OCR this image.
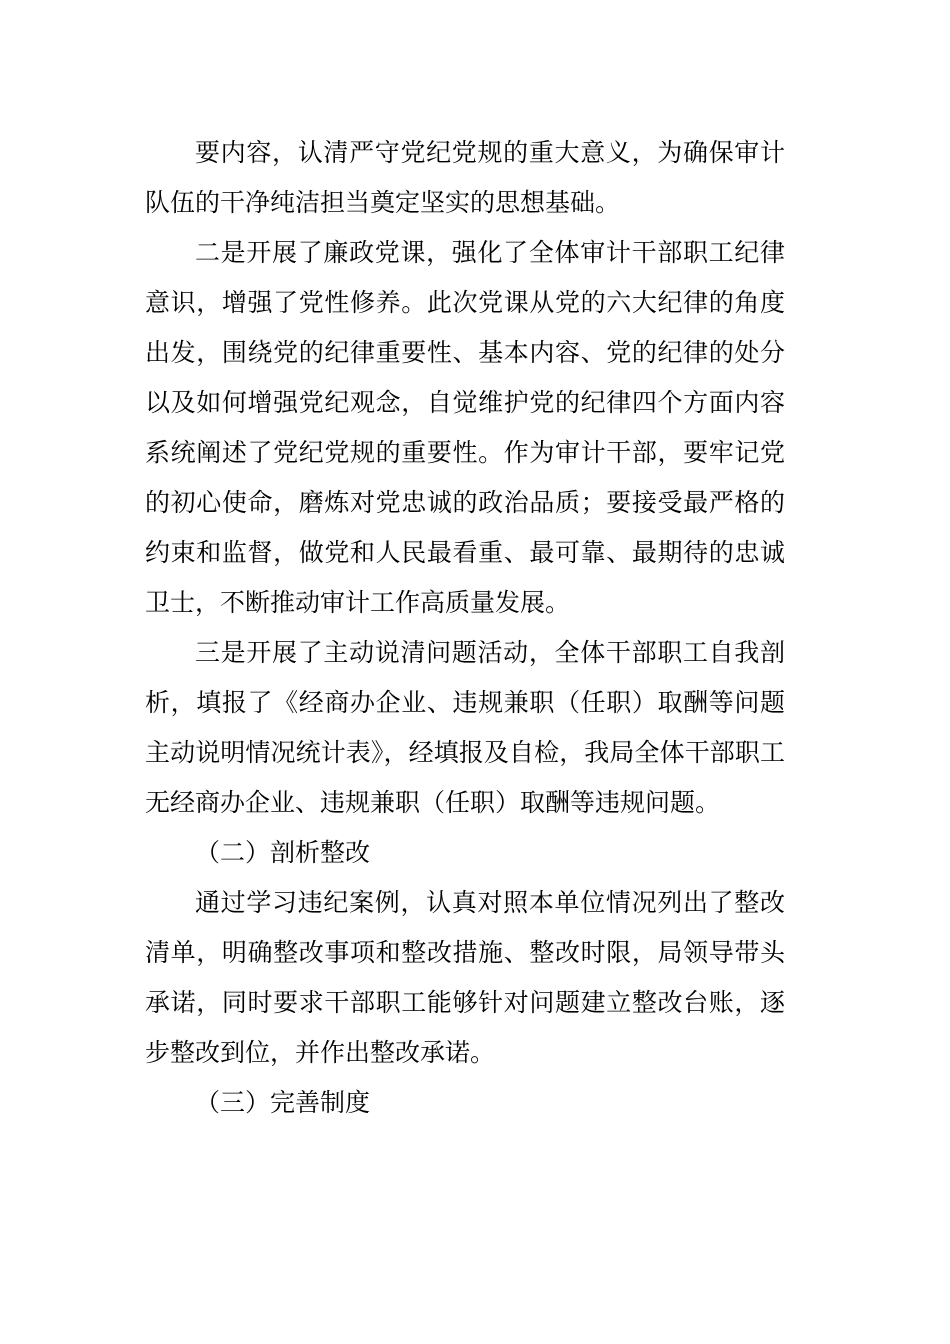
要内容，认清严守党纪党规的重大意义，为确保审计队伍的干净纯洁担当奠定坚实的思想基础。

二是开展了廉政党课，强化了全体审计干部职工纪律意识，增强了党性修养。此次党课从党的六大纪律的角度出发，围绕党的纪律重要性、基本内容、党的纪律的处分以及如何增强党纪观念，自觉维护党的纪律四个方面内容系统阐述了党纪党规的重要性。作为审计干部，要牢记党的初心使命，磨炼对党忠诚的政治品质；要接受最严格的约束和监督，做党和人民最看重、最可靠、最期待的忠诚卫士，不断推动审计工作高质量发展。

三是开展了主动说清问题活动，全体干部职工自我剖析，填报了《经商办企业、违规兼职（任职）取酬等问题主动说明情况统计表》，经填报及自检，我局全体干部职工无经商办企业、违规兼职（任职）取酬等违规问题。

（二）剖析整改

通过学习违纪案例，认真对照本单位情况列出了整改清单，明确整改事项和整改措施、整改时限，局领导带头承诺，同时要求干部职工能够针对问题建立整改台账，逐步整改到位，并作出整改承诺。

（三）完善制度
